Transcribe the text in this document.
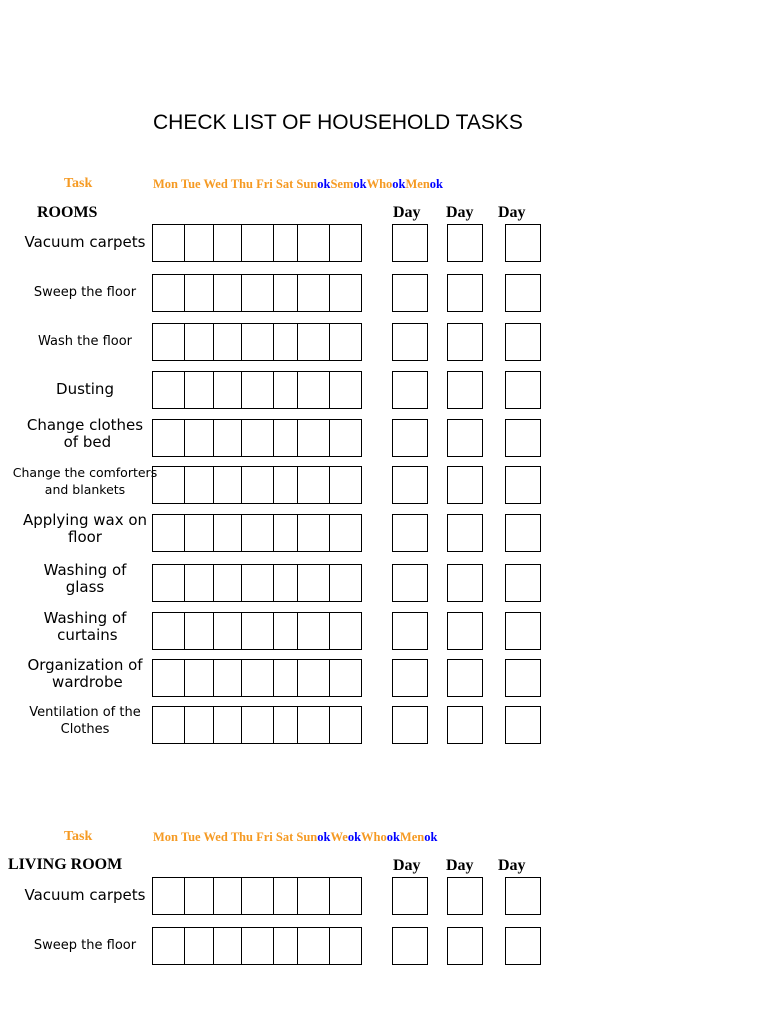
CHECK LIST OF HOUSEHOLD TASKS
Task	Mon Tue Wed Thu Fri Sat SunokSemokWhookMenok
ROOMS	Day Day Day
Vacuum carpets
Sweep the floor
Wash the floor
Dusting
Change clothes
of bed
Change the comforters
and blankets
Applying wax on
floor
Washing of
glass
Washing of
curtains
Organization of
wardrobe
Ventilation of the
Clothes
Task	Mon Tue Wed Thu Fri Sat SunokWeokWhookMenok
LIVING ROOM	Day Day Day
Vacuum carpets
Sweep the floor
